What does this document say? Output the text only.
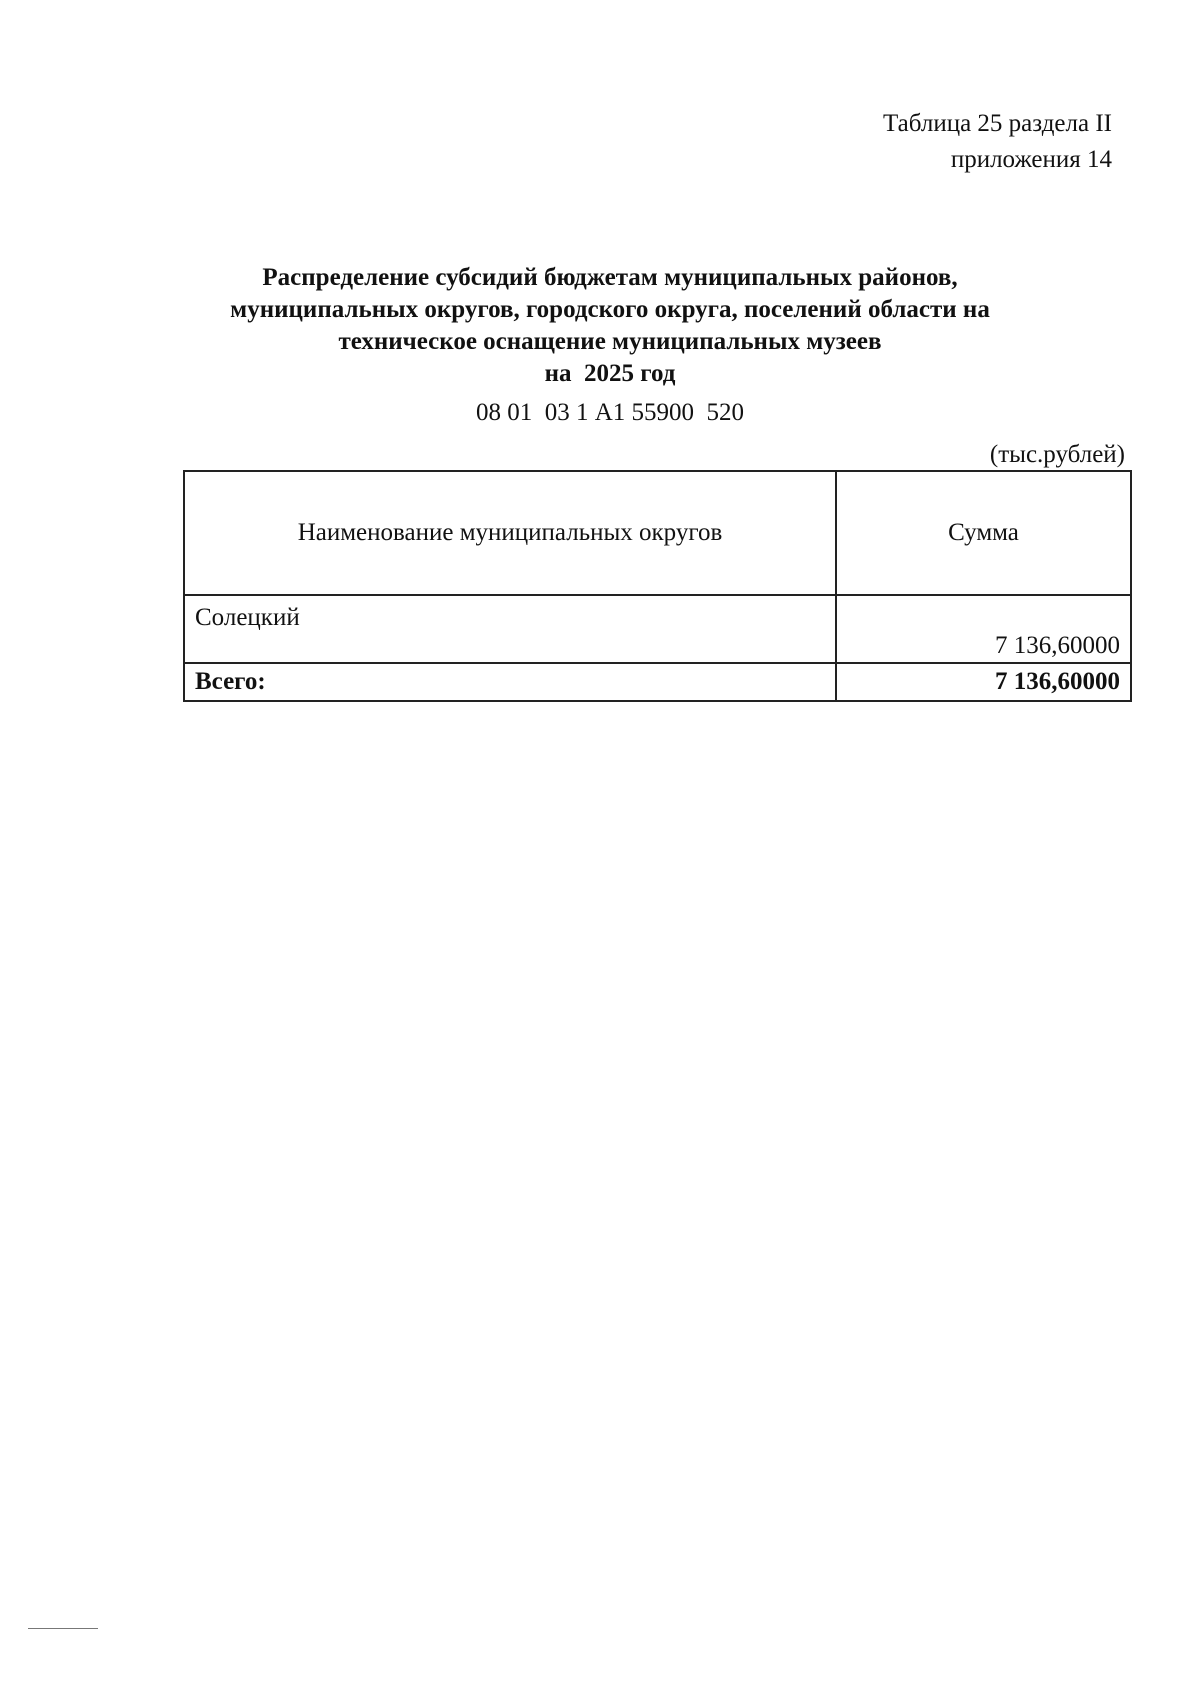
Таблица 25 раздела II
приложения 14
Распределение субсидий бюджетам муниципальных районов,
муниципальных округов, городского округа, поселений области на
техническое оснащение муниципальных музеев
на  2025 год
08 01  03 1 А1 55900  520
(тыс.рублей)
Наименование муниципальных округов	Сумма
Солецкий	7 136,60000
Всего:	7 136,60000
